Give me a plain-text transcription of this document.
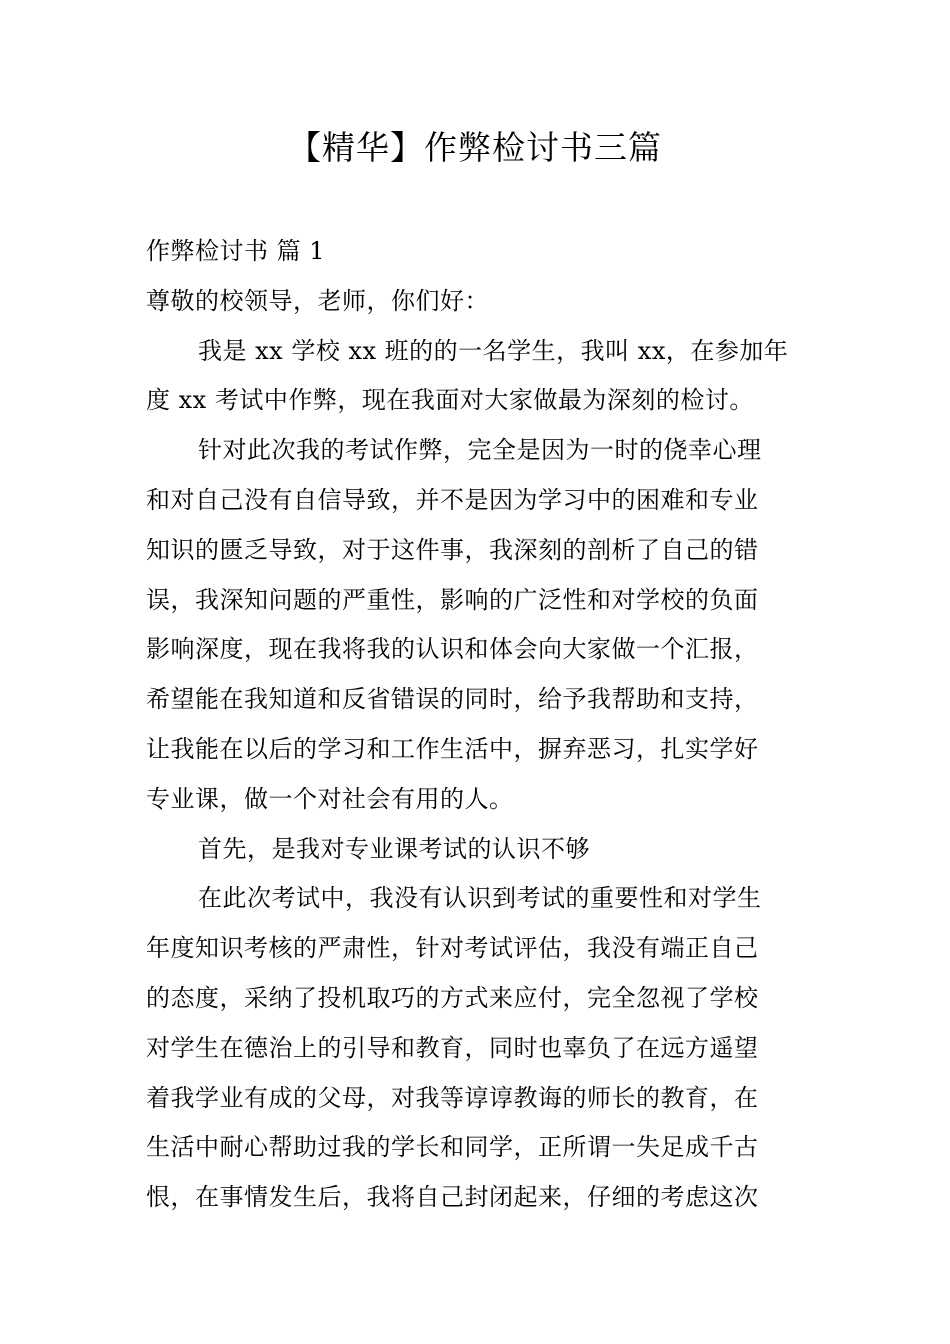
【精华】作弊检讨书三篇
作弊检讨书 篇 1
尊敬的校领导，老师，你们好：
我是 xx 学校 xx 班的的一名学生，我叫 xx，在参加年
度 xx 考试中作弊，现在我面对大家做最为深刻的检讨。
针对此次我的考试作弊，完全是因为一时的侥幸心理
和对自己没有自信导致，并不是因为学习中的困难和专业
知识的匮乏导致，对于这件事，我深刻的剖析了自己的错
误，我深知问题的严重性，影响的广泛性和对学校的负面
影响深度，现在我将我的认识和体会向大家做一个汇报，
希望能在我知道和反省错误的同时，给予我帮助和支持，
让我能在以后的学习和工作生活中，摒弃恶习，扎实学好
专业课，做一个对社会有用的人。
首先，是我对专业课考试的认识不够
在此次考试中，我没有认识到考试的重要性和对学生
年度知识考核的严肃性，针对考试评估，我没有端正自己
的态度，采纳了投机取巧的方式来应付，完全忽视了学校
对学生在德治上的引导和教育，同时也辜负了在远方遥望
着我学业有成的父母，对我等谆谆教诲的师长的教育，在
生活中耐心帮助过我的学长和同学，正所谓一失足成千古
恨，在事情发生后，我将自己封闭起来，仔细的考虑这次
